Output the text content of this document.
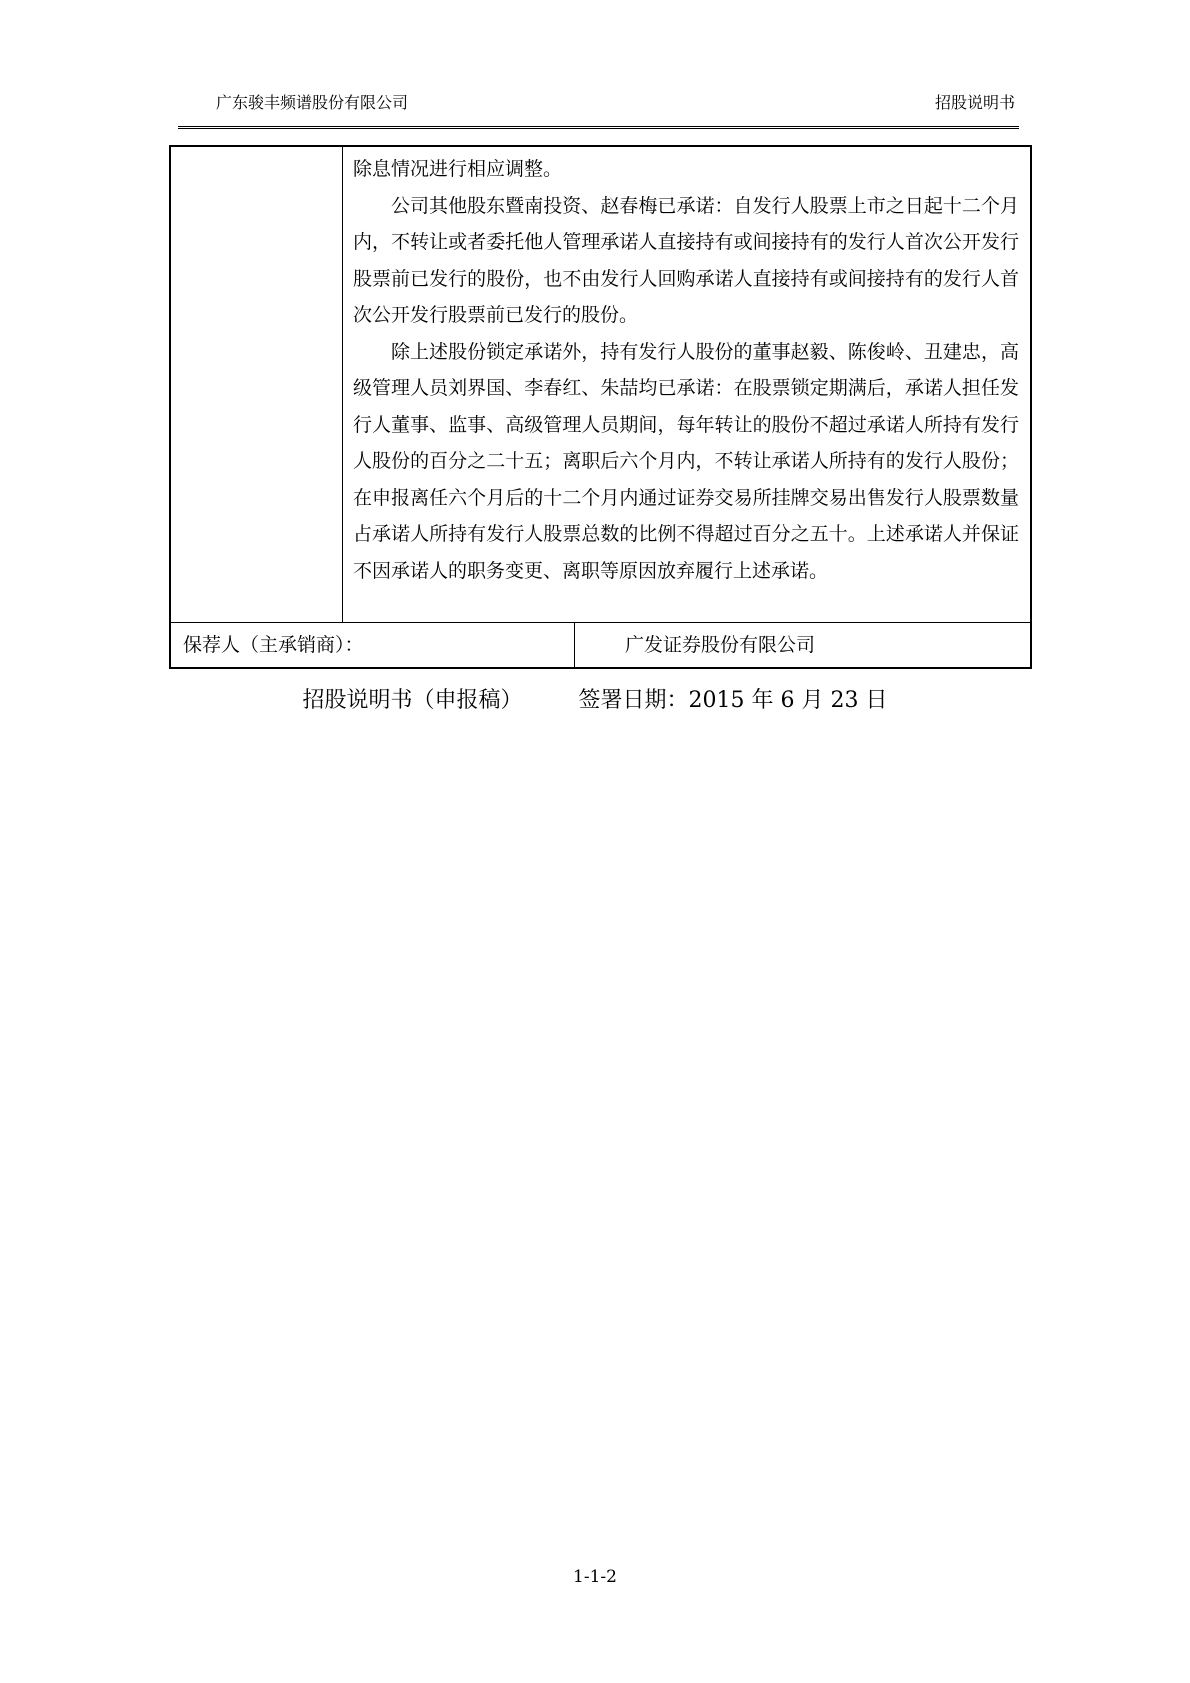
广东骏丰频谱股份有限公司	招股说明书

除息情况进行相应调整。

公司其他股东暨南投资、赵春梅已承诺：自发行人股票上市之日起十二个月内，不转让或者委托他人管理承诺人直接持有或间接持有的发行人首次公开发行股票前已发行的股份，也不由发行人回购承诺人直接持有或间接持有的发行人首次公开发行股票前已发行的股份。

除上述股份锁定承诺外，持有发行人股份的董事赵毅、陈俊岭、丑建忠，高级管理人员刘界国、李春红、朱喆均已承诺：在股票锁定期满后，承诺人担任发行人董事、监事、高级管理人员期间，每年转让的股份不超过承诺人所持有发行人股份的百分之二十五；离职后六个月内，不转让承诺人所持有的发行人股份；在申报离任六个月后的十二个月内通过证券交易所挂牌交易出售发行人股票数量占承诺人所持有发行人股票总数的比例不得超过百分之五十。上述承诺人并保证不因承诺人的职务变更、离职等原因放弃履行上述承诺。

保荐人（主承销商）：	广发证券股份有限公司
招股说明书（申报稿）        签署日期：2015 年 6 月 23 日
1-1-2
